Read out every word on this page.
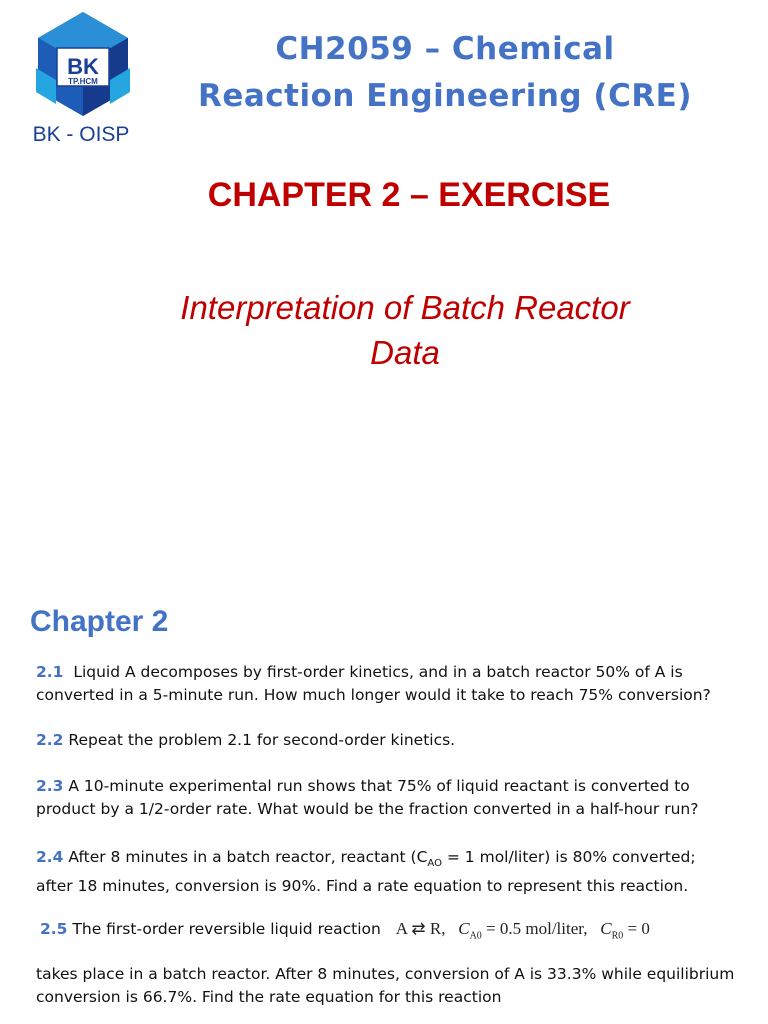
BK
TP.HCM
BK - OISP
CH2059 – Chemical
Reaction Engineering (CRE)
CHAPTER 2 – EXERCISE
Interpretation of Batch Reactor
Data
Chapter 2
2.1 Liquid A decomposes by first-order kinetics, and in a batch reactor 50% of A is converted in a 5-minute run. How much longer would it take to reach 75% conversion?
2.2 Repeat the problem 2.1 for second-order kinetics.
2.3 A 10-minute experimental run shows that 75% of liquid reactant is converted to product by a 1/2-order rate. What would be the fraction converted in a half-hour run?
2.4 After 8 minutes in a batch reactor, reactant ($C_{AO} = 1$ mol/liter) is 80% converted; after 18 minutes, conversion is 90%. Find a rate equation to represent this reaction.
2.5 The first-order reversible liquid reaction A ⇄ R, $C_{A0} = 0.5$ mol/liter, $C_{R0} = 0$
takes place in a batch reactor. After 8 minutes, conversion of A is 33.3% while equilibrium conversion is 66.7%. Find the rate equation for this reaction
